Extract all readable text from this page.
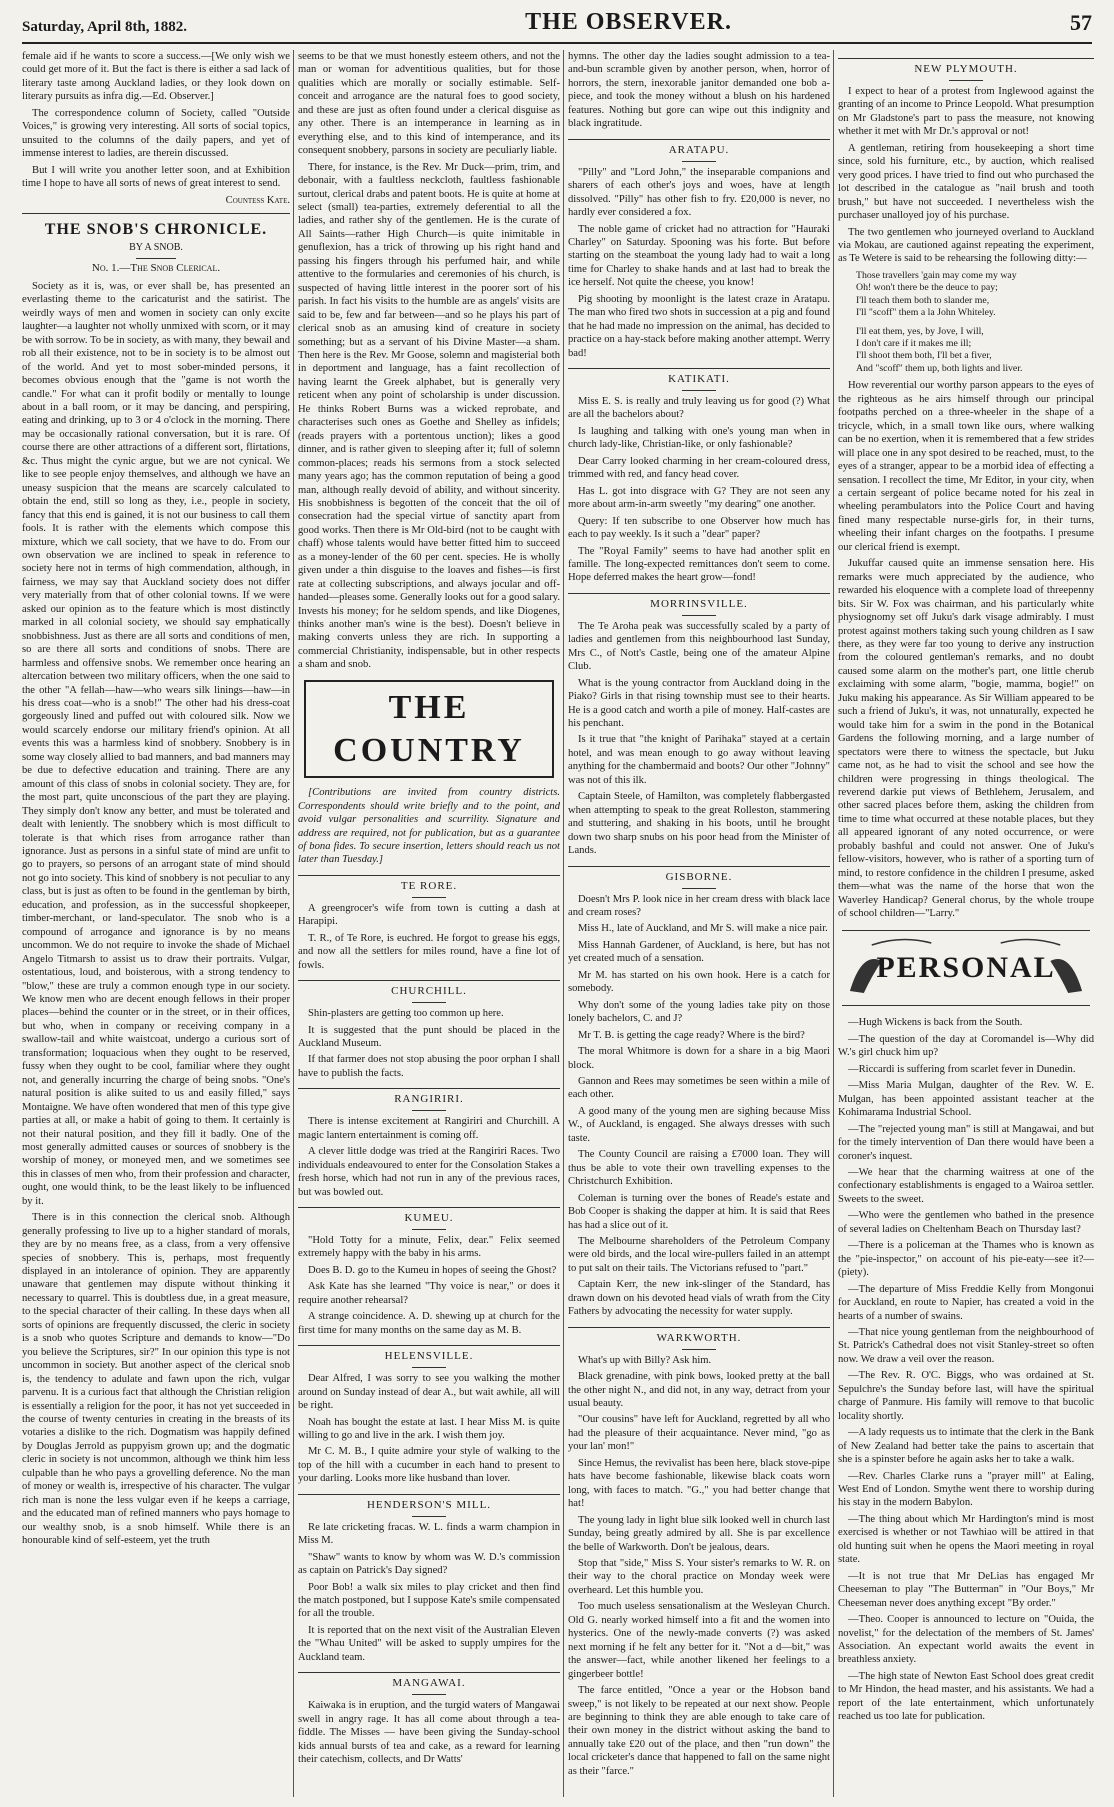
Saturday, April 8th, 1882.	THE OBSERVER.	57

female aid if he wants to score a success.—[We only wish we could get more of it. But the fact is there is either a sad lack of literary taste among Auckland ladies, or they look down on literary pursuits as infra dig.—Ed. Observer.]

The correspondence column of Society, called "Outside Voices," is growing very interesting. All sorts of social topics, unsuited to the columns of the daily papers, and yet of immense interest to ladies, are therein discussed.

But I will write you another letter soon, and at Exhibition time I hope to have all sorts of news of great interest to send.

Countess Kate.
THE SNOB'S CHRONICLE.
BY A SNOB.
No. 1.—The Snob Clerical.

Society as it is, was, or ever shall be, has presented an everlasting theme to the caricaturist and the satirist. The weirdly ways of men and women in society can only excite laughter—a laughter not wholly unmixed with scorn, or it may be with sorrow. To be in society, as with many, they bewail and rob all their existence, not to be in society is to be almost out of the world. And yet to most sober-minded persons, it becomes obvious enough that the "game is not worth the candle." For what can it profit bodily or mentally to lounge about in a ball room, or it may be dancing, and perspiring, eating and drinking, up to 3 or 4 o'clock in the morning. There may be occasionally rational conversation, but it is rare. Of course there are other attractions of a different sort, flirtations, &c. Thus might the cynic argue, but we are not cynical. We like to see people enjoy themselves, and although we have an uneasy suspicion that the means are scarcely calculated to obtain the end, still so long as they, i.e., people in society, fancy that this end is gained, it is not our business to call them fools. It is rather with the elements which compose this mixture, which we call society, that we have to do. From our own observation we are inclined to speak in reference to society here not in terms of high commendation, although, in fairness, we may say that Auckland society does not differ very materially from that of other colonial towns. If we were asked our opinion as to the feature which is most distinctly marked in all colonial society, we should say emphatically snobbishness. Just as there are all sorts and conditions of men, so are there all sorts and conditions of snobs. There are harmless and offensive snobs. We remember once hearing an altercation between two military officers, when the one said to the other "A fellah—haw—who wears silk linings—haw—in his dress coat—who is a snob!" The other had his dress-coat gorgeously lined and puffed out with coloured silk. Now we would scarcely endorse our military friend's opinion. At all events this was a harmless kind of snobbery. Snobbery is in some way closely allied to bad manners, and bad manners may be due to defective education and training. There are any amount of this class of snobs in colonial society. They are, for the most part, quite unconscious of the part they are playing. They simply don't know any better, and must be tolerated and dealt with leniently. The snobbery which is most difficult to tolerate is that which rises from arrogance rather than ignorance. Just as persons in a sinful state of mind are unfit to go to prayers, so persons of an arrogant state of mind should not go into society. This kind of snobbery is not peculiar to any class, but is just as often to be found in the gentleman by birth, education, and profession, as in the successful shopkeeper, timber-merchant, or land-speculator. The snob who is a compound of arrogance and ignorance is by no means uncommon. We do not require to invoke the shade of Michael Angelo Titmarsh to assist us to draw their portraits. Vulgar, ostentatious, loud, and boisterous, with a strong tendency to "blow," these are truly a common enough type in our society. We know men who are decent enough fellows in their proper places—behind the counter or in the street, or in their offices, but who, when in company or receiving company in a swallow-tail and white waistcoat, undergo a curious sort of transformation; loquacious when they ought to be reserved, fussy when they ought to be cool, familiar where they ought not, and generally incurring the charge of being snobs. "One's natural position is alike suited to us and easily filled," says Montaigne. We have often wondered that men of this type give parties at all, or make a habit of going to them. It certainly is not their natural position, and they fill it badly. One of the most generally admitted causes or sources of snobbery is the worship of money, or moneyed men, and we sometimes see this in classes of men who, from their profession and character, ought, one would think, to be the least likely to be influenced by it.

There is in this connection the clerical snob. Although generally professing to live up to a higher standard of morals, they are by no means free, as a class, from a very offensive species of snobbery. This is, perhaps, most frequently displayed in an intolerance of opinion. They are apparently unaware that gentlemen may dispute without thinking it necessary to quarrel. This is doubtless due, in a great measure, to the special character of their calling. In these days when all sorts of opinions are frequently discussed, the cleric in society is a snob who quotes Scripture and demands to know—"Do you believe the Scriptures, sir?" In our opinion this type is not uncommon in society. But another aspect of the clerical snob is, the tendency to adulate and fawn upon the rich, vulgar parvenu. It is a curious fact that although the Christian religion is essentially a religion for the poor, it has not yet succeeded in the course of twenty centuries in creating in the breasts of its votaries a dislike to the rich. Dogmatism was happily defined by Douglas Jerrold as puppyism grown up; and the dogmatic cleric in society is not uncommon, although we think him less culpable than he who pays a grovelling deference. No the man of money or wealth is, irrespective of his character. The vulgar rich man is none the less vulgar even if he keeps a carriage, and the educated man of refined manners who pays homage to our wealthy snob, is a snob himself. While there is an honourable kind of self-esteem, yet the truth

seems to be that we must honestly esteem others, and not the man or woman for adventitious qualities, but for those qualities which are morally or socially estimable. Self-conceit and arrogance are the natural foes to good society, and these are just as often found under a clerical disguise as any other. There is an intemperance in learning as in everything else, and to this kind of intemperance, and its consequent snobbery, parsons in society are peculiarly liable.

There, for instance, is the Rev. Mr Duck—prim, trim, and debonair, with a faultless neckcloth, faultless fashionable surtout, clerical drabs and patent boots. He is quite at home at select (small) tea-parties, extremely deferential to all the ladies, and rather shy of the gentlemen. He is the curate of All Saints—rather High Church—is quite inimitable in genuflexion, has a trick of throwing up his right hand and passing his fingers through his perfumed hair, and while attentive to the formularies and ceremonies of his church, is suspected of having little interest in the poorer sort of his parish. In fact his visits to the humble are as angels' visits are said to be, few and far between—and so he plays his part of clerical snob as an amusing kind of creature in society something; but as a servant of his Divine Master—a sham. Then here is the Rev. Mr Goose, solemn and magisterial both in deportment and language, has a faint recollection of having learnt the Greek alphabet, but is generally very reticent when any point of scholarship is under discussion. He thinks Robert Burns was a wicked reprobate, and characterises such ones as Goethe and Shelley as infidels; (reads prayers with a portentous unction); likes a good dinner, and is rather given to sleeping after it; full of solemn common-places; reads his sermons from a stock selected many years ago; has the common reputation of being a good man, although really devoid of ability, and without sincerity. His snobbishness is begotten of the conceit that the oil of consecration had the special virtue of sanctity apart from good works. Then there is Mr Old-bird (not to be caught with chaff) whose talents would have better fitted him to succeed as a money-lender of the 60 per cent. species. He is wholly given under a thin disguise to the loaves and fishes—is first rate at collecting subscriptions, and always jocular and off-handed—pleases some. Generally looks out for a good salary. Invests his money; for he seldom spends, and like Diogenes, thinks another man's wine is the best). Doesn't believe in making converts unless they are rich. In supporting a commercial Christianity, indispensable, but in other respects a sham and snob.

THE COUNTRY

[Contributions are invited from country districts. Correspondents should write briefly and to the point, and avoid vulgar personalities and scurrility. Signature and address are required, not for publication, but as a guarantee of bona fides. To secure insertion, letters should reach us not later than Tuesday.]

TE RORE.

A greengrocer's wife from town is cutting a dash at Harapipi.

T. R., of Te Rore, is euchred. He forgot to grease his eggs, and now all the settlers for miles round, have a fine lot of fowls.

CHURCHILL.

Shin-plasters are getting too common up here.

It is suggested that the punt should be placed in the Auckland Museum.

If that farmer does not stop abusing the poor orphan I shall have to publish the facts.

RANGIRIRI.

There is intense excitement at Rangiriri and Churchill. A magic lantern entertainment is coming off.

A clever little dodge was tried at the Rangiriri Races. Two individuals endeavoured to enter for the Consolation Stakes a fresh horse, which had not run in any of the previous races, but was bowled out.

KUMEU.

"Hold Totty for a minute, Felix, dear." Felix seemed extremely happy with the baby in his arms.

Does B. D. go to the Kumeu in hopes of seeing the Ghost?

Ask Kate has she learned "Thy voice is near," or does it require another rehearsal?

A strange coincidence. A. D. shewing up at church for the first time for many months on the same day as M. B.

HELENSVILLE.

Dear Alfred, I was sorry to see you walking the mother around on Sunday instead of dear A., but wait awhile, all will be right.

Noah has bought the estate at last. I hear Miss M. is quite willing to go and live in the ark. I wish them joy.

Mr C. M. B., I quite admire your style of walking to the top of the hill with a cucumber in each hand to present to your darling. Looks more like husband than lover.

HENDERSON'S MILL.

Re late cricketing fracas. W. L. finds a warm champion in Miss M.

"Shaw" wants to know by whom was W. D.'s commission as captain on Patrick's Day signed?

Poor Bob! a walk six miles to play cricket and then find the match postponed, but I suppose Kate's smile compensated for all the trouble.

It is reported that on the next visit of the Australian Eleven the "Whau United" will be asked to supply umpires for the Auckland team.

MANGAWAI.

Kaiwaka is in eruption, and the turgid waters of Mangawai swell in angry rage. It has all come about through a tea-fiddle. The Misses — have been giving the Sunday-school kids annual bursts of tea and cake, as a reward for learning their catechism, collects, and Dr Watts'

hymns. The other day the ladies sought admission to a tea-and-bun scramble given by another person, when, horror of horrors, the stern, inexorable janitor demanded one bob a-piece, and took the money without a blush on his hardened features. Nothing but gore can wipe out this indignity and black ingratitude.

ARATAPU.

"Pilly" and "Lord John," the inseparable companions and sharers of each other's joys and woes, have at length dissolved. "Pilly" has other fish to fry. £20,000 is never, no hardly ever considered a fox.

The noble game of cricket had no attraction for "Hauraki Charley" on Saturday. Spooning was his forte. But before starting on the steamboat the young lady had to wait a long time for Charley to shake hands and at last had to break the ice herself. Not quite the cheese, you know!

Pig shooting by moonlight is the latest craze in Aratapu. The man who fired two shots in succession at a pig and found that he had made no impression on the animal, has decided to practice on a hay-stack before making another attempt. Werry bad!

KATIKATI.

Miss E. S. is really and truly leaving us for good (?) What are all the bachelors about?

Is laughing and talking with one's young man when in church lady-like, Christian-like, or only fashionable?

Dear Carry looked charming in her cream-coloured dress, trimmed with red, and fancy head cover.

Has L. got into disgrace with G? They are not seen any more about arm-in-arm sweetly "my dearing" one another.

Query: If ten subscribe to one Observer how much has each to pay weekly. Is it such a "dear" paper?

The "Royal Family" seems to have had another split en famille. The long-expected remittances don't seem to come. Hope deferred makes the heart grow—fond!

MORRINSVILLE.

The Te Aroha peak was successfully scaled by a party of ladies and gentlemen from this neighbourhood last Sunday, Mrs C., of Nott's Castle, being one of the amateur Alpine Club.

What is the young contractor from Auckland doing in the Piako? Girls in that rising township must see to their hearts. He is a good catch and worth a pile of money. Half-castes are his penchant.

Is it true that "the knight of Parihaka" stayed at a certain hotel, and was mean enough to go away without leaving anything for the chambermaid and boots? Our other "Johnny" was not of this ilk.

Captain Steele, of Hamilton, was completely flabbergasted when attempting to speak to the great Rolleston, stammering and stuttering, and shaking in his boots, until he brought down two sharp snubs on his poor head from the Minister of Lands.

GISBORNE.

Doesn't Mrs P. look nice in her cream dress with black lace and cream roses?

Miss H., late of Auckland, and Mr S. will make a nice pair.

Miss Hannah Gardener, of Auckland, is here, but has not yet created much of a sensation.

Mr M. has started on his own hook. Here is a catch for somebody.

Why don't some of the young ladies take pity on those lonely bachelors, C. and J?

Mr T. B. is getting the cage ready? Where is the bird?

The moral Whitmore is down for a share in a big Maori block.

Gannon and Rees may sometimes be seen within a mile of each other.

A good many of the young men are sighing because Miss W., of Auckland, is engaged. She always dresses with such taste.

The County Council are raising a £7000 loan. They will thus be able to vote their own travelling expenses to the Christchurch Exhibition.

Coleman is turning over the bones of Reade's estate and Bob Cooper is shaking the dapper at him. It is said that Rees has had a slice out of it.

The Melbourne shareholders of the Petroleum Company were old birds, and the local wire-pullers failed in an attempt to put salt on their tails. The Victorians refused to "part."

Captain Kerr, the new ink-slinger of the Standard, has drawn down on his devoted head vials of wrath from the City Fathers by advocating the necessity for water supply.

WARKWORTH.

What's up with Billy? Ask him.

Black grenadine, with pink bows, looked pretty at the ball the other night N., and did not, in any way, detract from your usual beauty.

"Our cousins" have left for Auckland, regretted by all who had the pleasure of their acquaintance. Never mind, "go as your lan' mon!"

Since Hemus, the revivalist has been here, black stove-pipe hats have become fashionable, likewise black coats worn long, with faces to match. "G.," you had better change that hat!

The young lady in light blue silk looked well in church last Sunday, being greatly admired by all. She is par excellence the belle of Warkworth. Don't be jealous, dears.

Stop that "side," Miss S. Your sister's remarks to W. R. on their way to the choral practice on Monday week were overheard. Let this humble you.

Too much useless sensationalism at the Wesleyan Church. Old G. nearly worked himself into a fit and the women into hysterics. One of the newly-made converts (?) was asked next morning if he felt any better for it. "Not a d—bit," was the answer—fact, while another likened her feelings to a gingerbeer bottle!

The farce entitled, "Once a year or the Hobson band sweep," is not likely to be repeated at our next show. People are beginning to think they are able enough to take care of their own money in the district without asking the band to annually take £20 out of the place, and then "run down" the local cricketer's dance that happened to fall on the same night as their "farce."

NEW PLYMOUTH.

I expect to hear of a protest from Inglewood against the granting of an income to Prince Leopold. What presumption on Mr Gladstone's part to pass the measure, not knowing whether it met with Mr Dr.'s approval or not!

A gentleman, retiring from housekeeping a short time since, sold his furniture, etc., by auction, which realised very good prices. I have tried to find out who purchased the lot described in the catalogue as "nail brush and tooth brush," but have not succeeded. I nevertheless wish the purchaser unalloyed joy of his purchase.

The two gentlemen who journeyed overland to Auckland via Mokau, are cautioned against repeating the experiment, as Te Wetere is said to be rehearsing the following ditty:—

Those travellers 'gain may come my way
Oh! won't there be the deuce to pay;
I'll teach them both to slander me,
I'll "scoff" them a la John Whiteley.
I'll eat them, yes, by Jove, I will,
I don't care if it makes me ill;
I'll shoot them both, I'll bet a fiver,
And "scoff" them up, both lights and liver.

How reverential our worthy parson appears to the eyes of the righteous as he airs himself through our principal footpaths perched on a three-wheeler in the shape of a tricycle, which, in a small town like ours, where walking can be no exertion, when it is remembered that a few strides will place one in any spot desired to be reached, must, to the eyes of a stranger, appear to be a morbid idea of effecting a sensation. I recollect the time, Mr Editor, in your city, when a certain sergeant of police became noted for his zeal in wheeling perambulators into the Police Court and having fined many respectable nurse-girls for, in their turns, wheeling their infant charges on the footpaths. I presume our clerical friend is exempt.

Jukuffar caused quite an immense sensation here. His remarks were much appreciated by the audience, who rewarded his eloquence with a complete load of threepenny bits. Sir W. Fox was chairman, and his particularly white physiognomy set off Juku's dark visage admirably. I must protest against mothers taking such young children as I saw there, as they were far too young to derive any instruction from the coloured gentleman's remarks, and no doubt caused some alarm on the mother's part, one little cherub exclaiming with some alarm, "bogie, mamma, bogie!" on Juku making his appearance. As Sir William appeared to be such a friend of Juku's, it was, not unnaturally, expected he would take him for a swim in the pond in the Botanical Gardens the following morning, and a large number of spectators were there to witness the spectacle, but Juku came not, as he had to visit the school and see how the children were progressing in things theological. The reverend darkie put views of Bethlehem, Jerusalem, and other sacred places before them, asking the children from time to time what occurred at these notable places, but they all appeared ignorant of any noted occurrence, or were probably bashful and could not answer. One of Juku's fellow-visitors, however, who is rather of a sporting turn of mind, to restore confidence in the children I presume, asked them—what was the name of the horse that won the Waverley Handicap? General chorus, by the whole troupe of school children—"Larry."

PERSONAL

—Hugh Wickens is back from the South.

—The question of the day at Coromandel is—Why did W.'s girl chuck him up?

—Riccardi is suffering from scarlet fever in Dunedin.

—Miss Maria Mulgan, daughter of the Rev. W. E. Mulgan, has been appointed assistant teacher at the Kohimarama Industrial School.

—The "rejected young man" is still at Mangawai, and but for the timely intervention of Dan there would have been a coroner's inquest.

—We hear that the charming waitress at one of the confectionary establishments is engaged to a Wairoa settler. Sweets to the sweet.

—Who were the gentlemen who bathed in the presence of several ladies on Cheltenham Beach on Thursday last?

—There is a policeman at the Thames who is known as the "pie-inspector," on account of his pie-eaty—see it?—(piety).

—The departure of Miss Freddie Kelly from Mongonui for Auckland, en route to Napier, has created a void in the hearts of a number of swains.

—That nice young gentleman from the neighbourhood of St. Patrick's Cathedral does not visit Stanley-street so often now. We draw a veil over the reason.

—The Rev. R. O'C. Biggs, who was ordained at St. Sepulchre's the Sunday before last, will have the spiritual charge of Panmure. His family will remove to that bucolic locality shortly.

—A lady requests us to intimate that the clerk in the Bank of New Zealand had better take the pains to ascertain that she is a spinster before he again asks her to take a walk.

—Rev. Charles Clarke runs a "prayer mill" at Ealing, West End of London. Smythe went there to worship during his stay in the modern Babylon.

—The thing about which Mr Hardington's mind is most exercised is whether or not Tawhiao will be attired in that old hunting suit when he opens the Maori meeting in royal state.

—It is not true that Mr DeLias has engaged Mr Cheeseman to play "The Butterman" in "Our Boys," Mr Cheeseman never does anything except "By order."

—Theo. Cooper is announced to lecture on "Ouida, the novelist," for the delectation of the members of St. James' Association. An expectant world awaits the event in breathless anxiety.

—The high state of Newton East School does great credit to Mr Hindon, the head master, and his assistants. We had a report of the late entertainment, which unfortunately reached us too late for publication.
